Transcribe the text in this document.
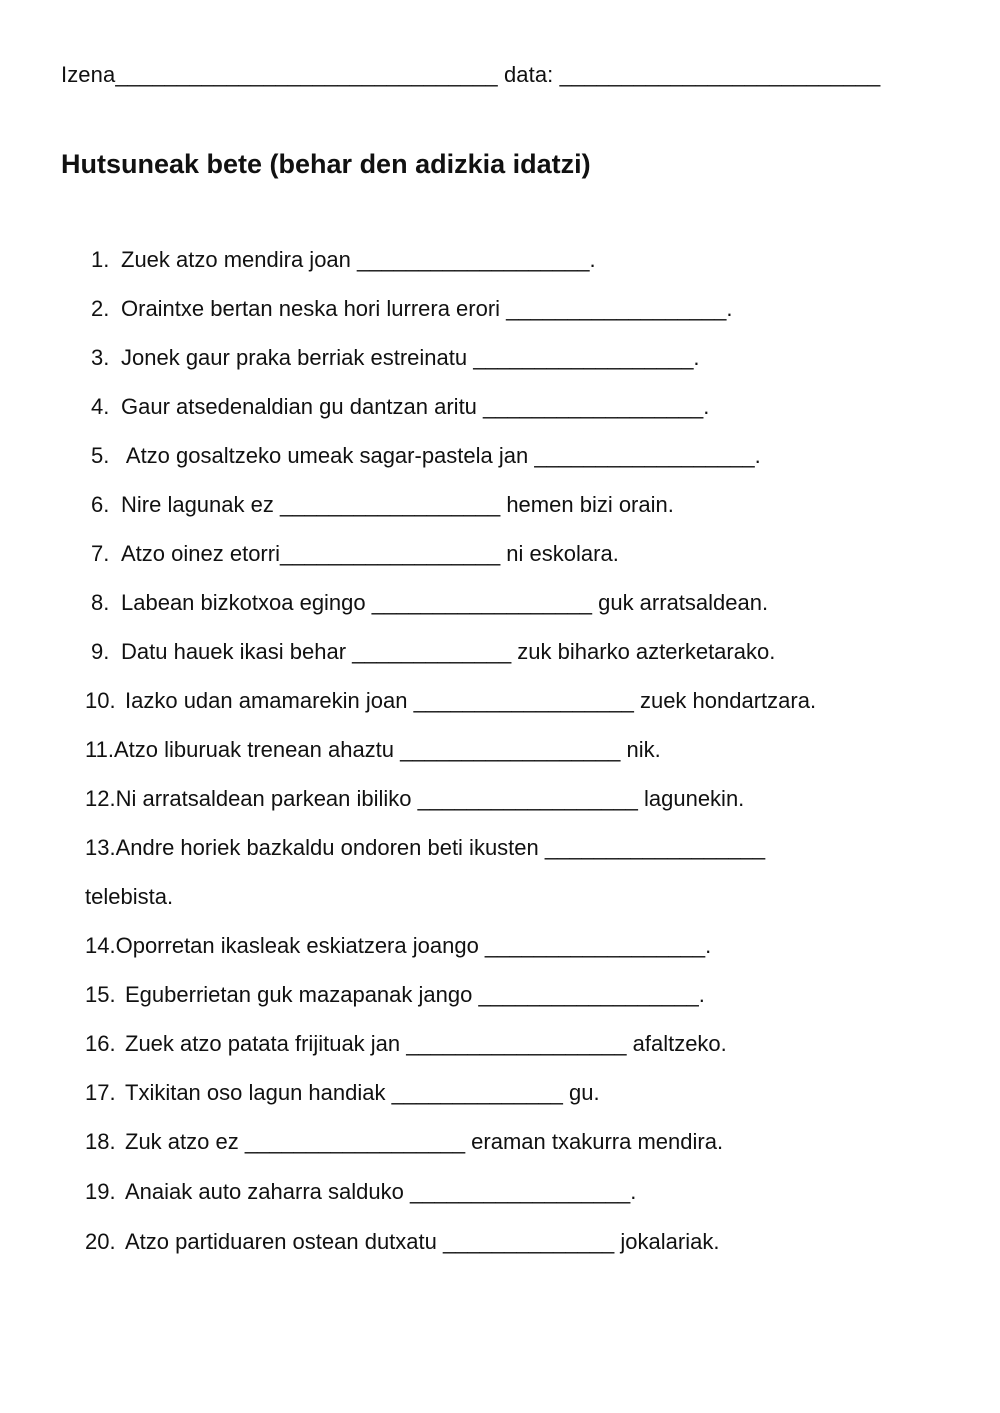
Izena_______________________________ data: __________________________
Hutsuneak bete (behar den adizkia idatzi)
1. Zuek atzo mendira joan ___________________.
2. Oraintxe bertan neska hori lurrera erori __________________.
3. Jonek gaur praka berriak estreinatu __________________.
4. Gaur atsedenaldian gu dantzan aritu __________________.
5. Atzo gosaltzeko umeak sagar-pastela jan __________________.
6. Nire lagunak ez __________________ hemen bizi orain.
7. Atzo oinez etorri__________________ ni eskolara.
8. Labean bizkotxoa egingo __________________ guk arratsaldean.
9. Datu hauek ikasi behar _____________ zuk biharko azterketarako.
10. Iazko udan amamarekin joan __________________ zuek hondartzara.
11.Atzo liburuak trenean ahaztu __________________ nik.
12.Ni arratsaldean parkean ibiliko __________________ lagunekin.
13.Andre horiek bazkaldu ondoren beti ikusten __________________
telebista.
14.Oporretan ikasleak eskiatzera joango __________________.
15. Eguberrietan guk mazapanak jango __________________.
16. Zuek atzo patata frijituak jan __________________ afaltzeko.
17. Txikitan oso lagun handiak ______________ gu.
18. Zuk atzo ez __________________ eraman txakurra mendira.
19. Anaiak auto zaharra salduko __________________.
20. Atzo partiduaren ostean dutxatu ______________ jokalariak.
